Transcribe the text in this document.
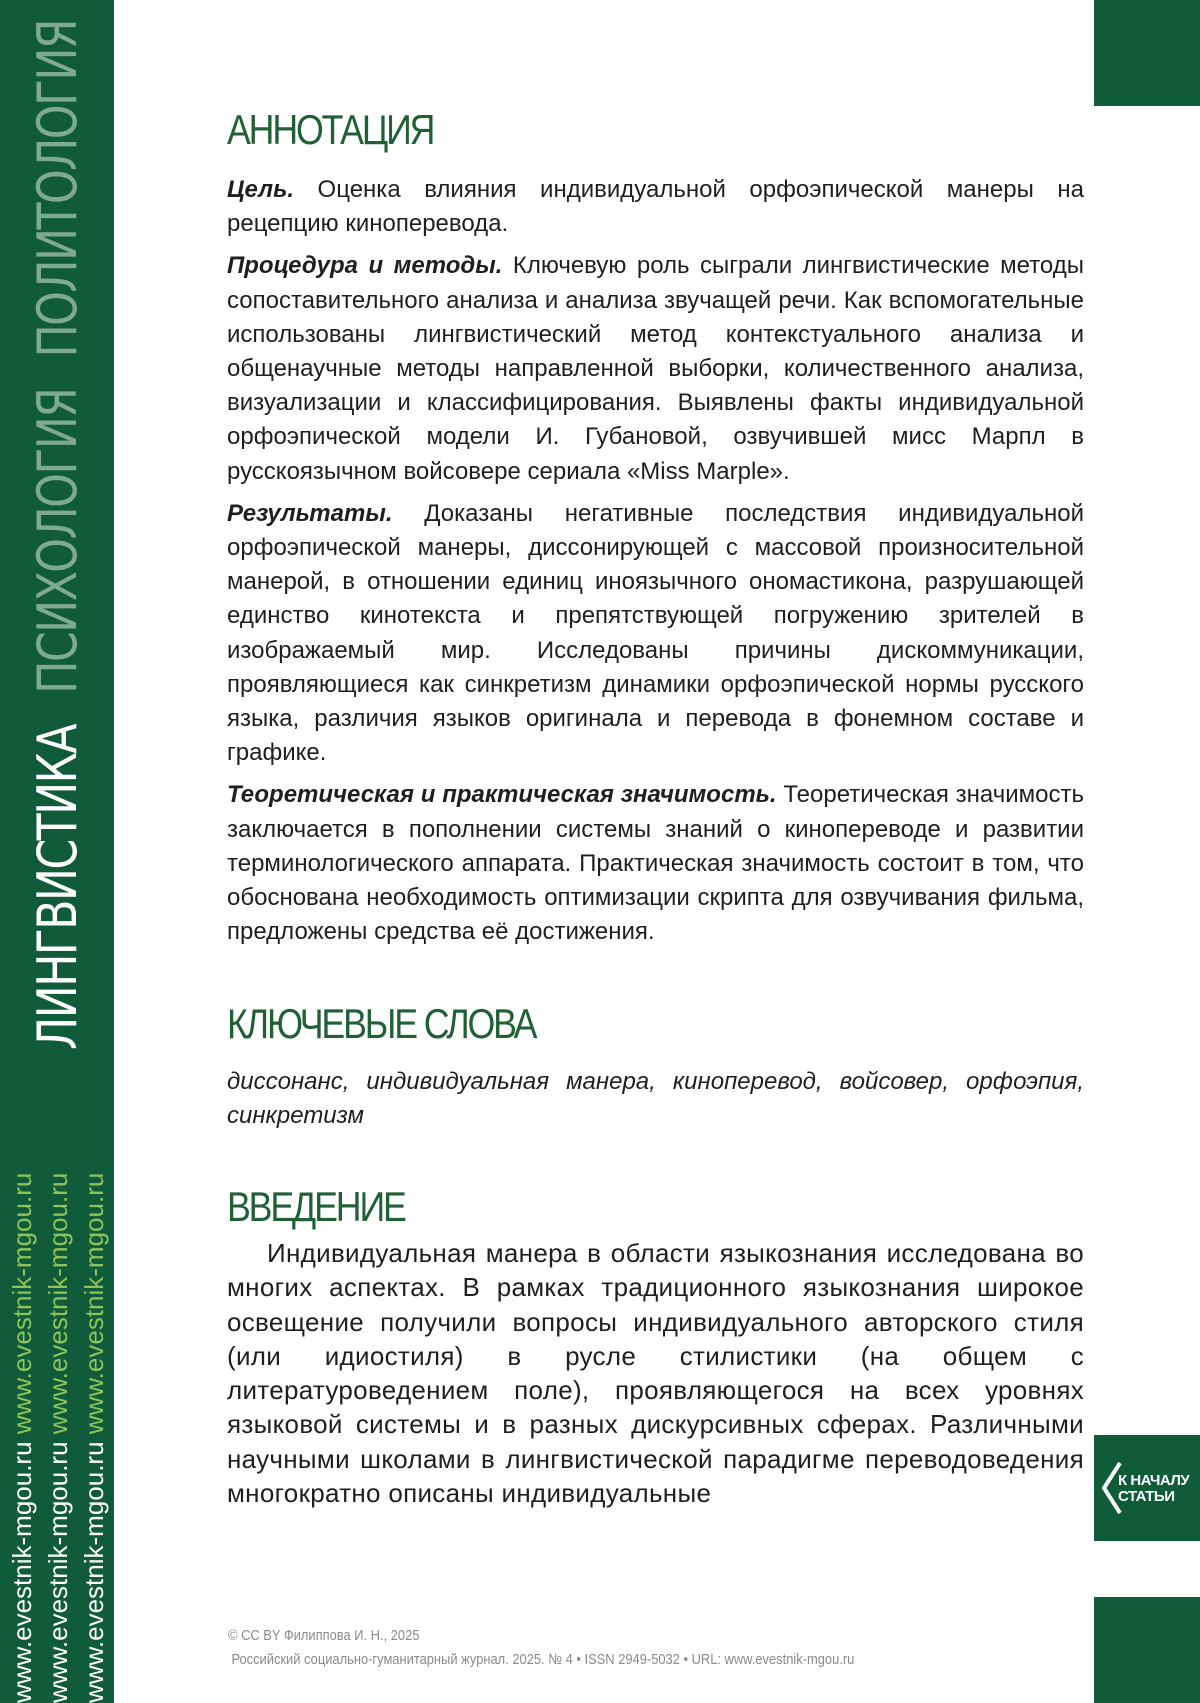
ЛИНГВИСТИКАПСИХОЛОГИЯПОЛИТОЛОГИЯ
www.evestnik-mgou.ru www.evestnik-mgou.ru
www.evestnik-mgou.ru www.evestnik-mgou.ru
www.evestnik-mgou.ru www.evestnik-mgou.ru
К НАЧАЛУ
СТАТЬИ
АННОТАЦИЯ

Цель. Оценка влияния индивидуальной орфоэпической манеры на рецепцию киноперевода.

Процедура и методы. Ключевую роль сыграли лингвистические методы сопоставительного анализа и анализа звучащей речи. Как вспомогательные использованы лингвистический метод контекстуального анализа и общенаучные методы направленной выборки, количественного анализа, визуализации и классифицирования. Выявлены факты индивидуальной орфоэпической модели И. Губановой, озвучившей мисс Марпл в русскоязычном войсовере сериала «Miss Marple».

Результаты. Доказаны негативные последствия индивидуальной орфоэпической манеры, диссонирующей с массовой произносительной манерой, в отношении единиц иноязычного ономастикона, разрушающей единство кинотекста и препятствующей погружению зрителей в изображаемый мир. Исследованы причины дискоммуникации, проявляющиеся как синкретизм динамики орфоэпической нормы русского языка, различия языков оригинала и перевода в фонемном составе и графике.

Теоретическая и практическая значимость. Теоретическая значимость заключается в пополнении системы знаний о кинопереводе и развитии терминологического аппарата. Практическая значимость состоит в том, что обоснована необходимость оптимизации скрипта для озвучивания фильма, предложены средства её достижения.

КЛЮЧЕВЫЕ СЛОВА
диссонанс, индивидуальная манера, киноперевод, войсовер, орфоэпия, синкретизм
ВВЕДЕНИЕ

Индивидуальная манера в области языкознания исследована во многих аспектах. В рамках традиционного языкознания широкое освещение получили вопросы индивидуального авторского стиля (или идиостиля) в русле стилистики (на общем с литературоведением поле), проявляющегося на всех уровнях языковой системы и в разных дискурсивных сферах. Различными научными школами в лингвистической парадигме переводоведения многократно описаны индивидуальные

© CC BY Филиппова И. Н., 2025
Российский социально-гуманитарный журнал. 2025. № 4 • ISSN 2949-5032 • URL: www.evestnik-mgou.ru
